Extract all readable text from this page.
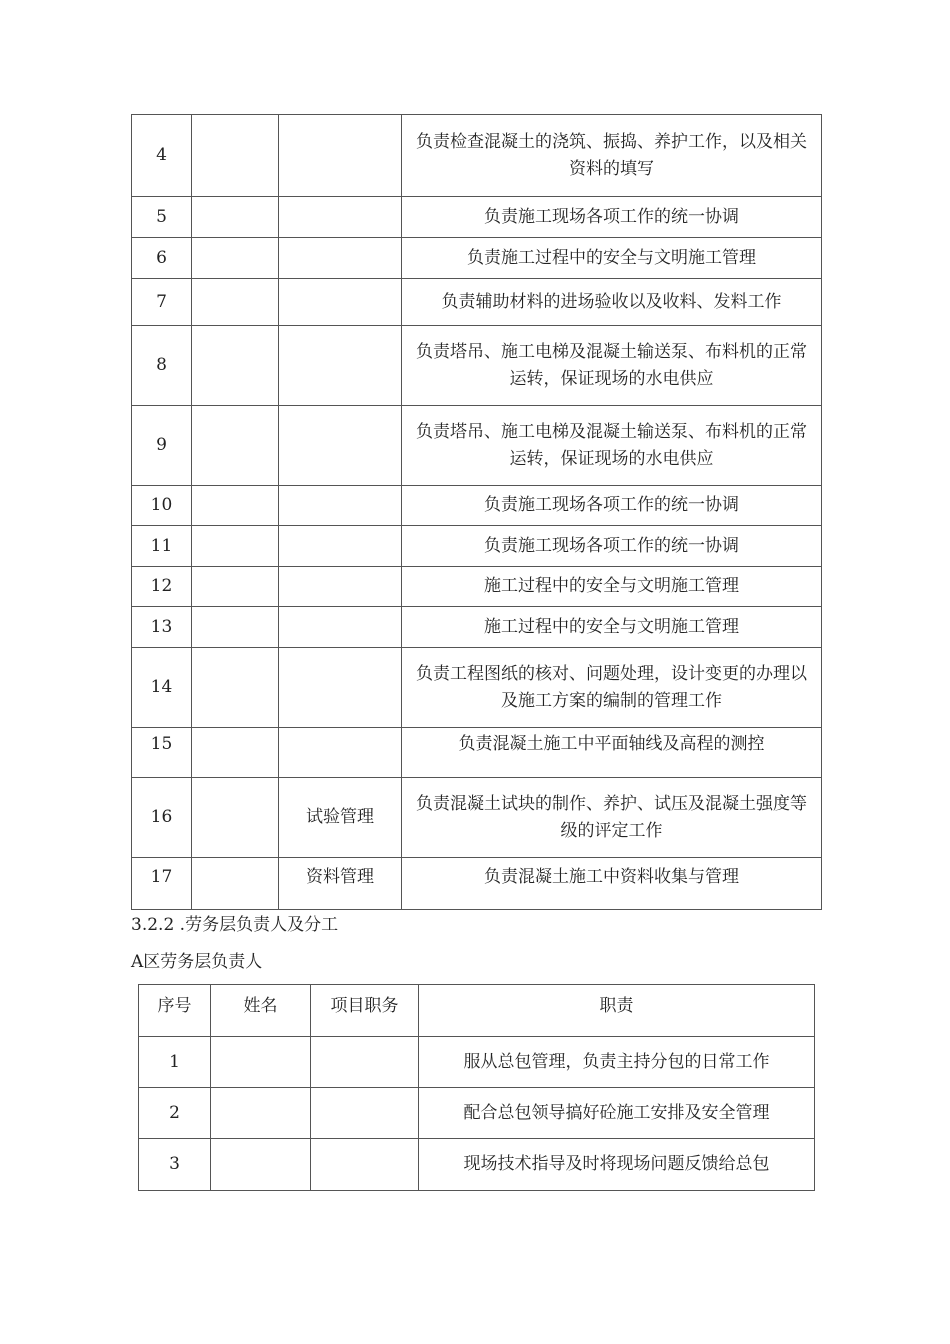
4			负责检查混凝土的浇筑、振捣、养护工作，以及相关资料的填写
5			负责施工现场各项工作的统一协调
6			负责施工过程中的安全与文明施工管理
7			负责辅助材料的进场验收以及收料、发料工作
8			负责塔吊、施工电梯及混凝土输送泵、布料机的正常运转，保证现场的水电供应
9			负责塔吊、施工电梯及混凝土输送泵、布料机的正常运转，保证现场的水电供应
10			负责施工现场各项工作的统一协调
11			负责施工现场各项工作的统一协调
12			施工过程中的安全与文明施工管理
13			施工过程中的安全与文明施工管理
14			负责工程图纸的核对、问题处理，设计变更的办理以及施工方案的编制的管理工作
15			负责混凝土施工中平面轴线及高程的测控
16		试验管理	负责混凝土试块的制作、养护、试压及混凝土强度等级的评定工作
17		资料管理	负责混凝土施工中资料收集与管理
3.2.2 .劳务层负责人及分工
A区劳务层负责人
序号	姓名	项目职务	职责
1			服从总包管理，负责主持分包的日常工作
2			配合总包领导搞好砼施工安排及安全管理
3			现场技术指导及时将现场问题反馈给总包
